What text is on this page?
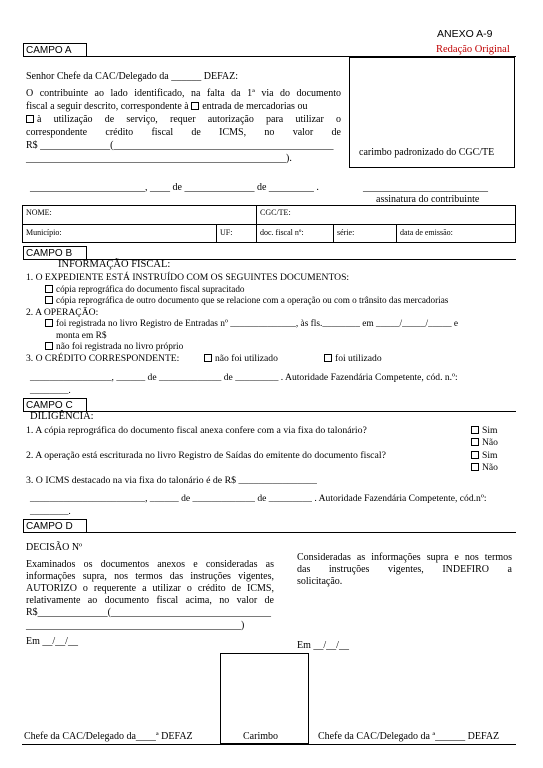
ANEXO A-9
Redação Original
CAMPO A
Senhor Chefe da CAC/Delegado da ______ DEFAZ:
O contribuinte ao lado identificado, na falta da 1ª via do documento
fiscal a seguir descrito, correspondente à entrada de mercadorias ou
à utilização de serviço, requer autorização para utilizar o
correspondente crédito fiscal de ICMS, no valor de
R$ ______________(____________________________________________
____________________________________________________).
carimbo padronizado do CGC/TE
_______________________, ____ de ______________ de _________ .	_________________________
assinatura do contribuinte
NOME:	CGC/TE:
Município:	UF:	doc. fiscal nº:	série:	data de emissão:
CAMPO B
INFORMAÇÃO FISCAL:
1. O EXPEDIENTE ESTÁ INSTRUÍDO COM OS SEGUINTES DOCUMENTOS:
cópia reprográfica do documento fiscal supracitado
cópia reprográfica de outro documento que se relacione com a operação ou com o trânsito das mercadorias
2. A OPERAÇÃO:
foi registrada no livro Registro de Entradas nº ______________, às fls.________ em _____/_____/_____ e
monta em R$
não foi registrada no livro próprio
3. O CRÉDITO CORRESPONDENTE:	não foi utilizado	foi utilizado
_________________, ______ de _____________ de _________ . Autoridade Fazendária Competente, cód. n.º:
________.
CAMPO C
DILIGÊNCIA:
1. A cópia reprográfica do documento fiscal anexa confere com a via fixa do talonário?	Sim
Não
2. A operação está escriturada no livro Registro de Saídas do emitente do documento fiscal?	Sim
Não
3. O ICMS destacado na via fixa do talonário é de R$ ________________
________________________, ______ de _____________ de _________ . Autoridade Fazendária Competente, cód.nº:
________.
CAMPO D
DECISÃO Nº
Examinados os documentos anexos e consideradas as
informações supra, nos termos das instruções vigentes,
AUTORIZO o requerente a utilizar o crédito de ICMS,
relativamente ao documento fiscal acima, no valor de
R$______________(________________________________
___________________________________________)
Em __/__/__
Consideradas as informações supra e nos termos
das instruções vigentes, INDEFIRO a
solicitação.
Em __/__/__
Carimbo
Chefe da CAC/Delegado da____ª DEFAZ	Chefe da CAC/Delegado da ª______ DEFAZ
